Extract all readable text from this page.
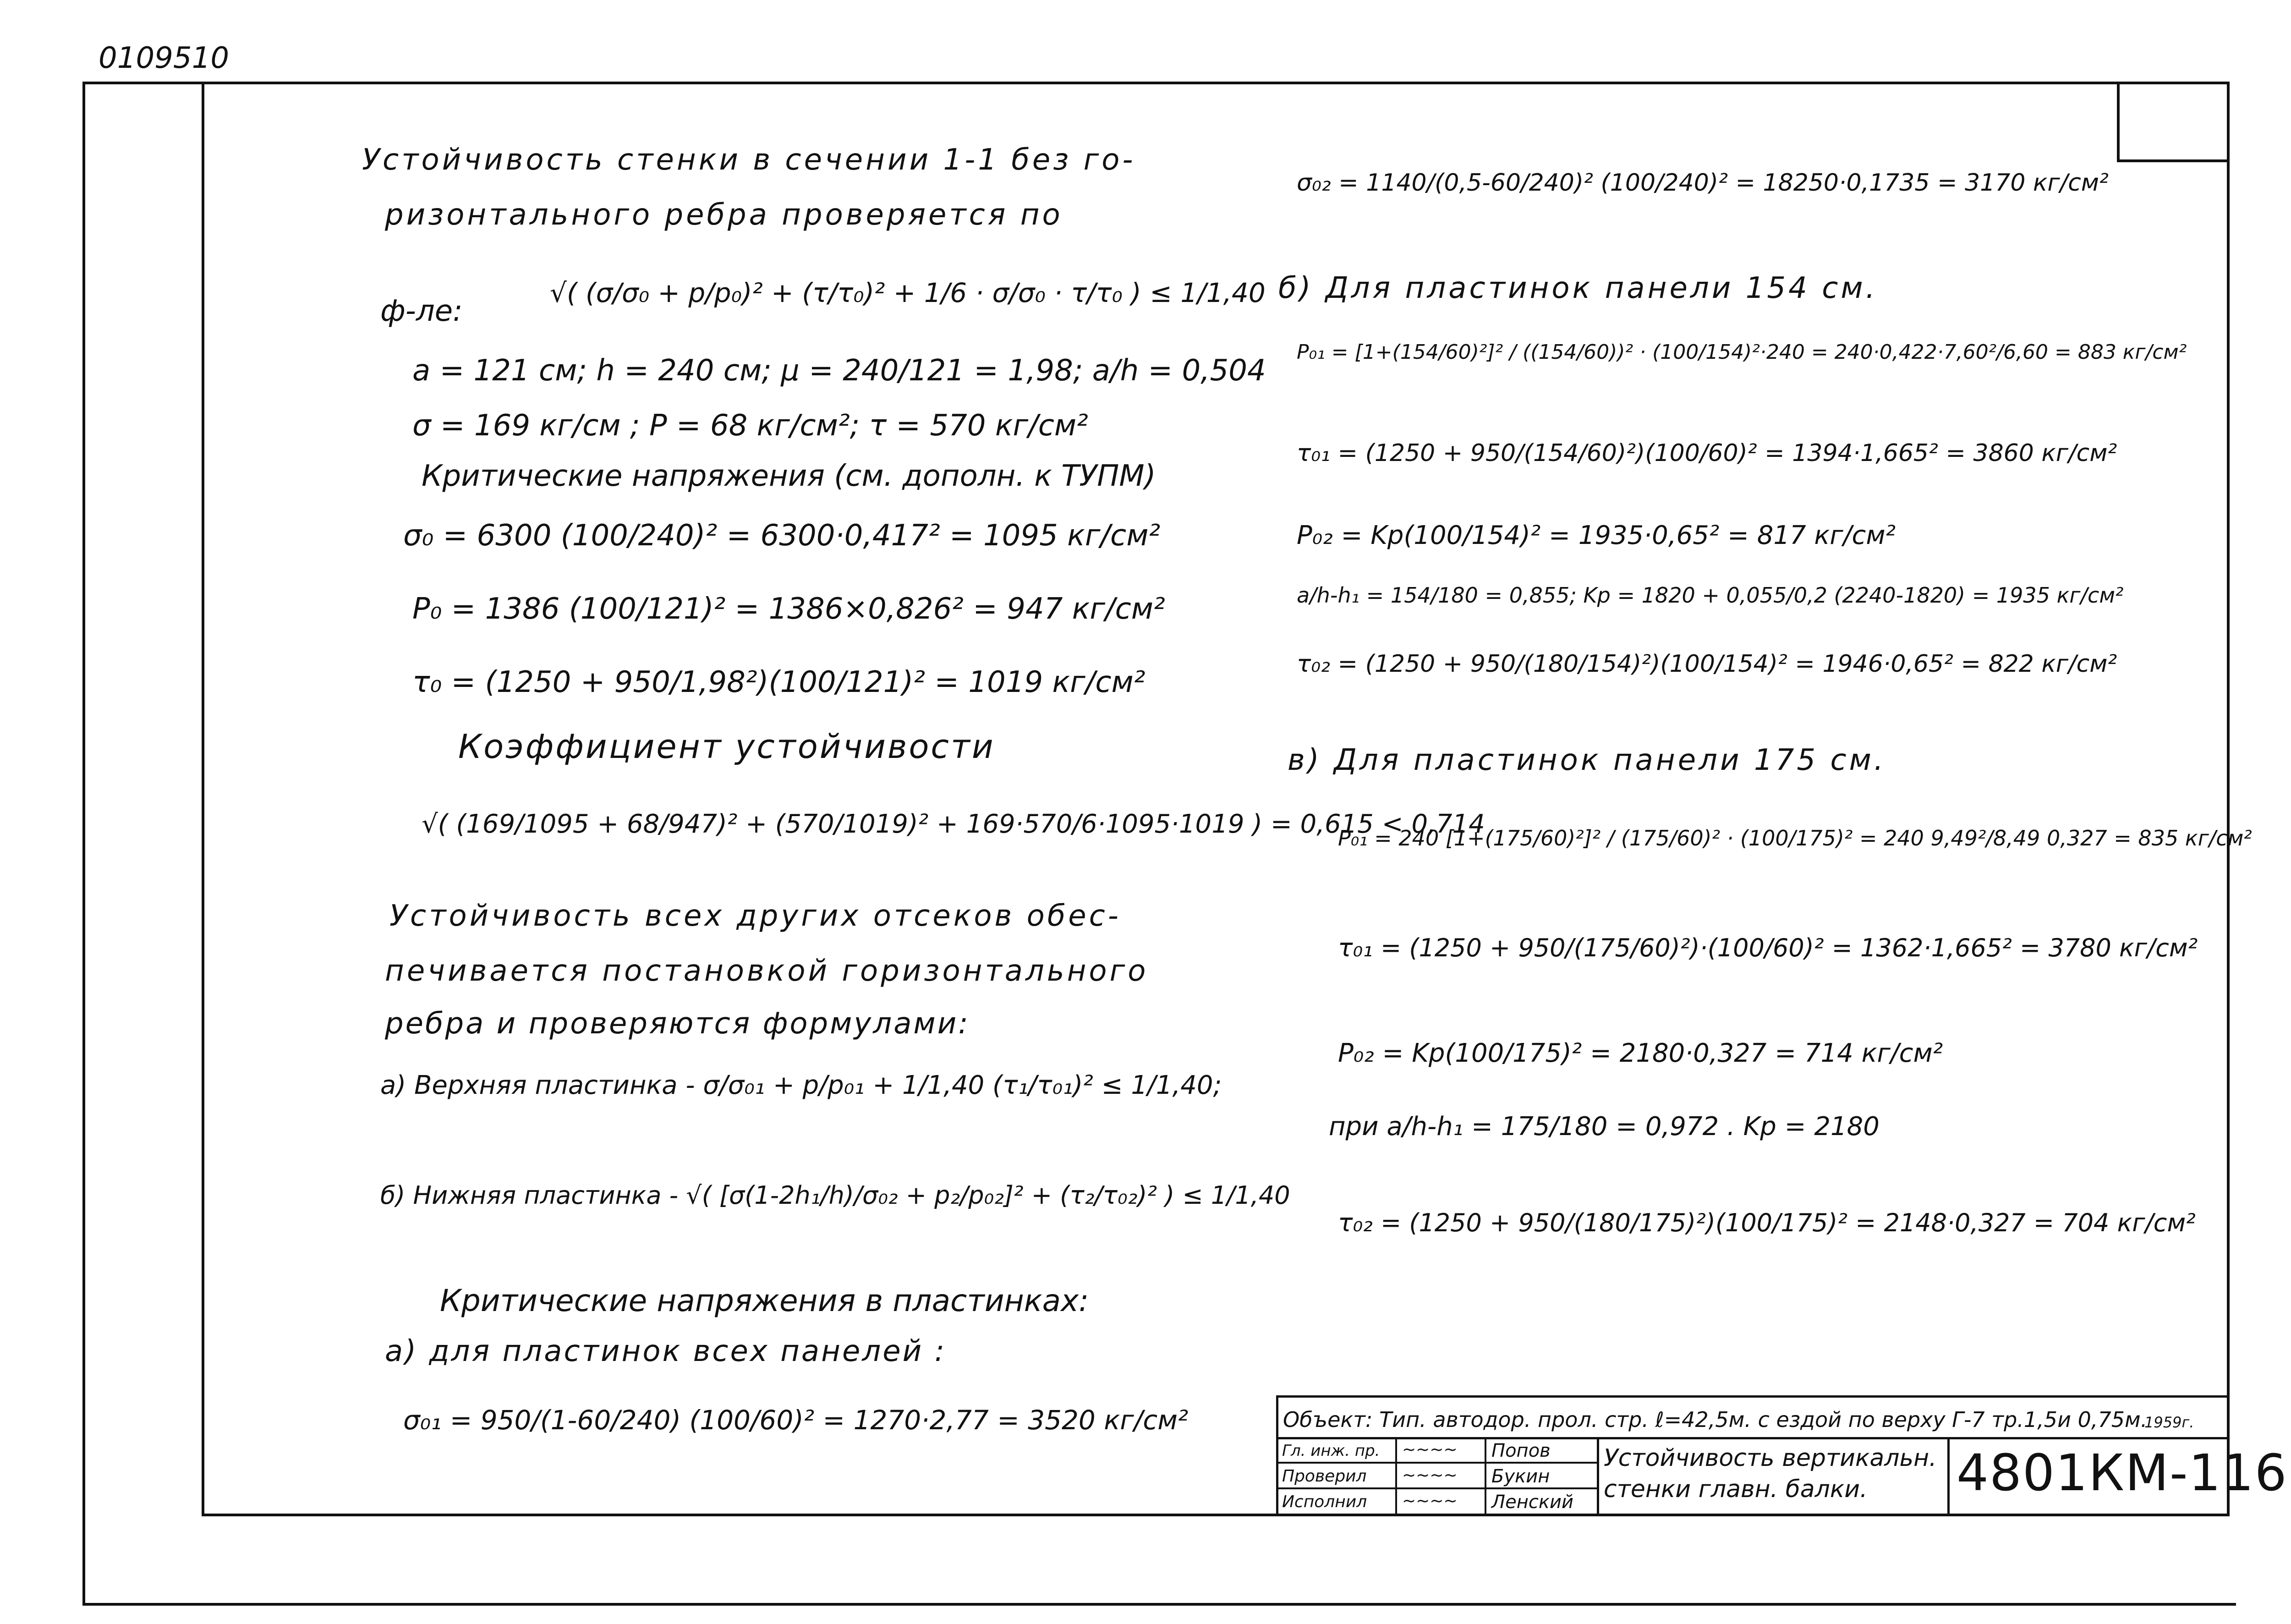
0109510
Устойчивость стенки в сечении 1-1 без го-
ризонтального ребра проверяется по
ф-ле:
√( (σ/σ₀ + p/p₀)² + (τ/τ₀)² + 1/6 · σ/σ₀ · τ/τ₀ ) ≤ 1/1,40
a = 121 см; h = 240 см; μ = 240/121 = 1,98; a/h = 0,504
σ = 169 кг/см ; P = 68 кг/см²; τ = 570 кг/см²
Критические напряжения (см. дополн. к ТУПМ)
σ₀ = 6300 (100/240)² = 6300·0,417² = 1095 кг/см²
P₀ = 1386 (100/121)² = 1386×0,826² = 947 кг/см²
τ₀ = (1250 + 950/1,98²)(100/121)² = 1019 кг/см²
Коэффициент устойчивости
√( (169/1095 + 68/947)² + (570/1019)² + 169·570/6·1095·1019 ) = 0,615 < 0,714
Устойчивость всех других отсеков обес-
печивается постановкой горизонтального
ребра и проверяются формулами:
а) Верхняя пластинка - σ/σ₀₁ + p/p₀₁ + 1/1,40 (τ₁/τ₀₁)² ≤ 1/1,40;
б) Нижняя пластинка - √( [σ(1-2h₁/h)/σ₀₂ + p₂/p₀₂]² + (τ₂/τ₀₂)² ) ≤ 1/1,40
Критические напряжения в пластинках:
а) для пластинок всех панелей :
σ₀₁ = 950/(1-60/240) (100/60)² = 1270·2,77 = 3520 кг/см²
σ₀₂ = 1140/(0,5-60/240)² (100/240)² = 18250·0,1735 = 3170 кг/см²
б) Для пластинок панели 154 см.
P₀₁ = [1+(154/60)²]² / ((154/60))² · (100/154)²·240 = 240·0,422·7,60²/6,60 = 883 кг/см²
τ₀₁ = (1250 + 950/(154/60)²)(100/60)² = 1394·1,665² = 3860 кг/см²
P₀₂ = Kp(100/154)² = 1935·0,65² = 817 кг/см²
a/h-h₁ = 154/180 = 0,855; Kp = 1820 + 0,055/0,2 (2240-1820) = 1935 кг/см²
τ₀₂ = (1250 + 950/(180/154)²)(100/154)² = 1946·0,65² = 822 кг/см²
в) Для пластинок панели 175 см.
P₀₁ = 240 [1+(175/60)²]² / (175/60)² · (100/175)² = 240 9,49²/8,49 0,327 = 835 кг/см²
τ₀₁ = (1250 + 950/(175/60)²)·(100/60)² = 1362·1,665² = 3780 кг/см²
P₀₂ = Kp(100/175)² = 2180·0,327 = 714 кг/см²
при a/h-h₁ = 175/180 = 0,972 . Kp = 2180
τ₀₂ = (1250 + 950/(180/175)²)(100/175)² = 2148·0,327 = 704 кг/см²
Объект: Тип. автодор. прол. стр. ℓ=42,5м. с ездой по верху Г-7 тр.1,5и 0,75м.
1959г.
Гл. инж. пр. ~~~~ Попов
Проверил ~~~~ Букин
Исполнил ~~~~ Ленский
Устойчивость вертикальн.
стенки главн. балки. 4801КМ-116
